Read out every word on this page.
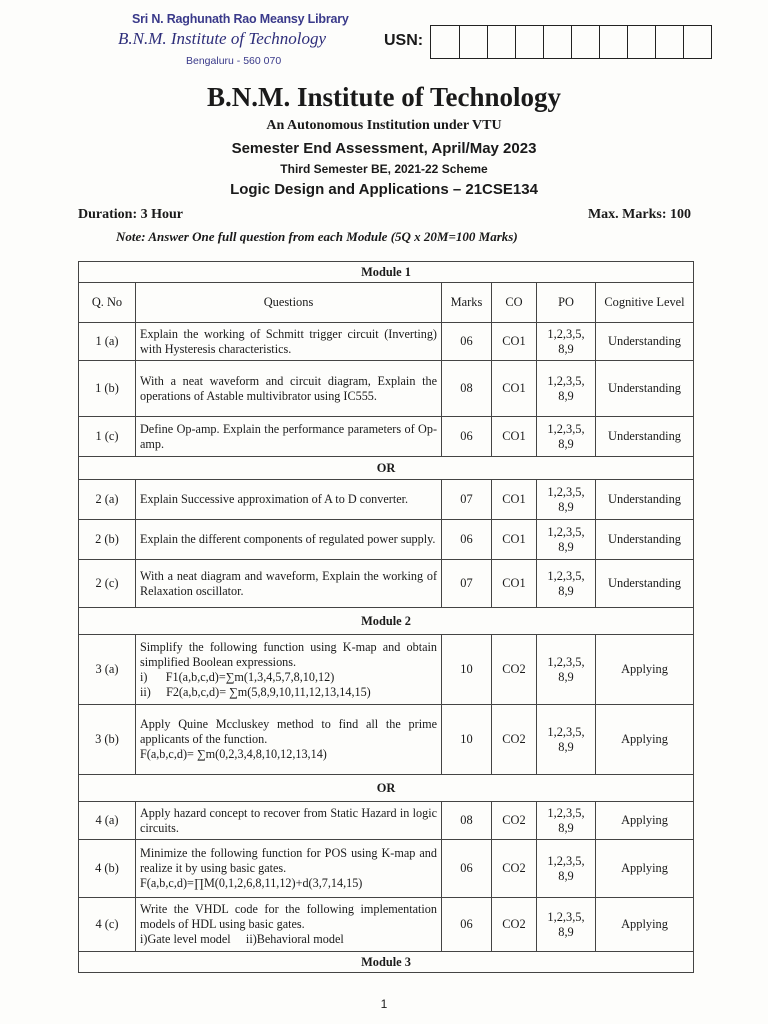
Sri N. Raghunath Rao Meansy Library
B.N.M. Institute of Technology
Bengaluru - 560 070
USN:
B.N.M. Institute of Technology
An Autonomous Institution under VTU
Semester End Assessment, April/May 2023
Third Semester BE, 2021-22 Scheme
Logic Design and Applications – 21CSE134
Duration: 3 Hour	Max. Marks: 100
Note: Answer One full question from each Module (5Q x 20M=100 Marks)
Module 1					
Q. No	Questions	Marks	CO	PO	Cognitive Level
1 (a)	Explain the working of Schmitt trigger circuit (Inverting) with Hysteresis characteristics.	06	CO1	1,2,3,5, 8,9	Understanding
1 (b)	With a neat waveform and circuit diagram, Explain the operations of Astable multivibrator using IC555.	08	CO1	1,2,3,5, 8,9	Understanding
1 (c)	Define Op-amp. Explain the performance parameters of Op-amp.	06	CO1	1,2,3,5, 8,9	Understanding
OR					
2 (a)	Explain Successive approximation of A to D converter.	07	CO1	1,2,3,5, 8,9	Understanding
2 (b)	Explain the different components of regulated power supply.	06	CO1	1,2,3,5, 8,9	Understanding
2 (c)	With a neat diagram and waveform, Explain the working of Relaxation oscillator.	07	CO1	1,2,3,5, 8,9	Understanding
Module 2					
3 (a)	Simplify the following function using K-map and obtain simplified Boolean expressions.
i)      F1(a,b,c,d)=∑m(1,3,4,5,7,8,10,12)
ii)     F2(a,b,c,d)= ∑m(5,8,9,10,11,12,13,14,15)	10	CO2	1,2,3,5, 8,9	Applying
3 (b)	Apply Quine Mccluskey method to find all the prime applicants of the function.
F(a,b,c,d)= ∑m(0,2,3,4,8,10,12,13,14)	10	CO2	1,2,3,5, 8,9	Applying
OR					
4 (a)	Apply hazard concept to recover from Static Hazard in logic circuits.	08	CO2	1,2,3,5, 8,9	Applying
4 (b)	Minimize the following function for POS using K-map and realize it by using basic gates.
F(a,b,c,d)=∏M(0,1,2,6,8,11,12)+d(3,7,14,15)	06	CO2	1,2,3,5, 8,9	Applying
4 (c)	Write the VHDL code for the following implementation models of HDL using basic gates.
i)Gate level model     ii)Behavioral model	06	CO2	1,2,3,5, 8,9	Applying
Module 3					
1
